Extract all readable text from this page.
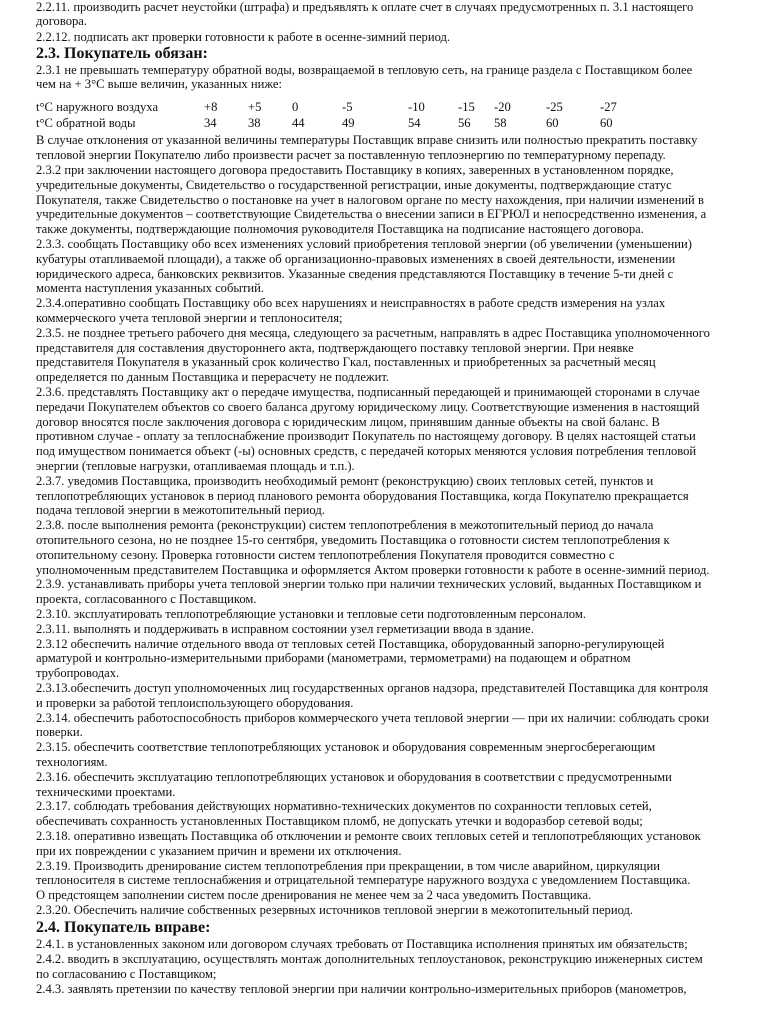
2.2.11. производить расчет неустойки (штрафа) и предъявлять к оплате счет в случаях предусмотренных п. 3.1 настоящего
договора.
2.2.12. подписать акт проверки готовности к работе в осенне-зимний период.
2.3. Покупатель обязан:
2.3.1 не превышать температуру обратной воды, возвращаемой в тепловую сеть, на границе раздела с Поставщиком более
чем на + 3°С выше величин, указанных ниже:
t°С наружного воздуха	+8	+5	0	-5	-10	-15	-20	-25	-27
t°С обратной воды	34	38	44	49	54	56	58	60	60
В случае отклонения от указанной величины температуры Поставщик вправе снизить или полностью прекратить поставку
тепловой энергии Покупателю либо произвести расчет за поставленную теплоэнергию по температурному перепаду.
2.3.2 при заключении настоящего договора предоставить Поставщику в копиях, заверенных в установленном порядке,
учредительные документы, Свидетельство о государственной регистрации, иные документы, подтверждающие статус
Покупателя, также Свидетельство о постановке на учет в налоговом органе по месту нахождения, при наличии изменений в
учредительные документов – соответствующие Свидетельства о внесении записи в ЕГРЮЛ и непосредственно изменения, а
также документы, подтверждающие полномочия руководителя Поставщика на подписание настоящего договора.
2.3.3. сообщать Поставщику обо всех изменениях условий приобретения тепловой энергии (об увеличении (уменьшении)
кубатуры отапливаемой площади), а также об организационно-правовых изменениях в своей деятельности, изменении
юридического адреса, банковских реквизитов. Указанные сведения представляются Поставщику в течение 5-ти дней с
момента наступления указанных событий.
2.3.4.оперативно сообщать Поставщику обо всех нарушениях и неисправностях в работе средств измерения на узлах
коммерческого учета тепловой энергии и теплоносителя;
2.3.5. не позднее третьего рабочего дня месяца, следующего за расчетным, направлять в адрес Поставщика уполномоченного
представителя для составления двустороннего акта, подтверждающего поставку тепловой энергии. При неявке
представителя Покупателя в указанный срок количество Гкал, поставленных и приобретенных за расчетный месяц
определяется по данным Поставщика и перерасчету не подлежит.
2.3.6. представлять Поставщику акт о передаче имущества, подписанный передающей и принимающей сторонами в случае
передачи Покупателем объектов со своего баланса другому юридическому лицу. Соответствующие изменения в настоящий
договор вносятся после заключения договора с юридическим лицом, принявшим данные объекты на свой баланс. В
противном случае - оплату за теплоснабжение производит Покупатель по настоящему договору. В целях настоящей статьи
под имуществом понимается объект (-ы) основных средств, с передачей которых меняются условия потребления тепловой
энергии (тепловые нагрузки, отапливаемая площадь и т.п.).
2.3.7. уведомив Поставщика, производить необходимый ремонт (реконструкцию) своих тепловых сетей, пунктов и
теплопотребляющих установок в период планового ремонта оборудования Поставщика, когда Покупателю прекращается
подача тепловой энергии в межотопительный период.
2.3.8. после выполнения ремонта (реконструкции) систем теплопотребления в межотопительный период до начала
отопительного сезона, но не позднее 15-го сентября, уведомить Поставщика о готовности систем теплопотребления к
отопительному сезону. Проверка готовности систем теплопотребления Покупателя проводится совместно с
уполномоченным представителем Поставщика и оформляется Актом проверки готовности к работе в осенне-зимний период.
2.3.9. устанавливать приборы учета тепловой энергии только при наличии технических условий, выданных Поставщиком и
проекта, согласованного с Поставщиком.
2.3.10. эксплуатировать теплопотребляющие установки и тепловые сети подготовленным персоналом.
2.3.11. выполнять и поддерживать в исправном состоянии узел герметизации ввода в здание.
2.3.12 обеспечить наличие отдельного ввода от тепловых сетей Поставщика, оборудованный запорно-регулирующей
арматурой и контрольно-измерительными приборами (манометрами, термометрами) на подающем и обратном
трубопроводах.
2.3.13.обеспечить доступ уполномоченных лиц государственных органов надзора, представителей Поставщика для контроля
и проверки за работой теплоиспользующего оборудования.
2.3.14. обеспечить работоспособность приборов коммерческого учета тепловой энергии — при их наличии: соблюдать сроки
поверки.
2.3.15. обеспечить соответствие теплопотребляющих установок и оборудования современным энергосберегающим
технологиям.
2.3.16. обеспечить эксплуатацию теплопотребляющих установок и оборудования в соответствии с предусмотренными
техническими проектами.
2.3.17. соблюдать требования действующих нормативно-технических документов по сохранности тепловых сетей,
обеспечивать сохранность установленных Поставщиком пломб, не допускать утечки и водоразбор сетевой воды;
2.3.18. оперативно извещать Поставщика об отключении и ремонте своих тепловых сетей и теплопотребляющих установок
при их повреждении с указанием причин и времени их отключения.
2.3.19. Производить дренирование систем теплопотребления при прекращении, в том числе аварийном, циркуляции
теплоносителя в системе теплоснабжения и отрицательной температуре наружного воздуха с уведомлением Поставщика.
О предстоящем заполнении систем после дренирования не менее чем за 2 часа уведомить Поставщика.
2.3.20. Обеспечить наличие собственных резервных источников тепловой энергии в межотопительный период.
2.4. Покупатель вправе:
2.4.1. в установленных законом или договором случаях требовать от Поставщика исполнения принятых им обязательств;
2.4.2. вводить в эксплуатацию, осуществлять монтаж дополнительных теплоустановок, реконструкцию инженерных систем
по согласованию с Поставщиком;
2.4.3. заявлять претензии по качеству тепловой энергии при наличии контрольно-измерительных приборов (манометров,
